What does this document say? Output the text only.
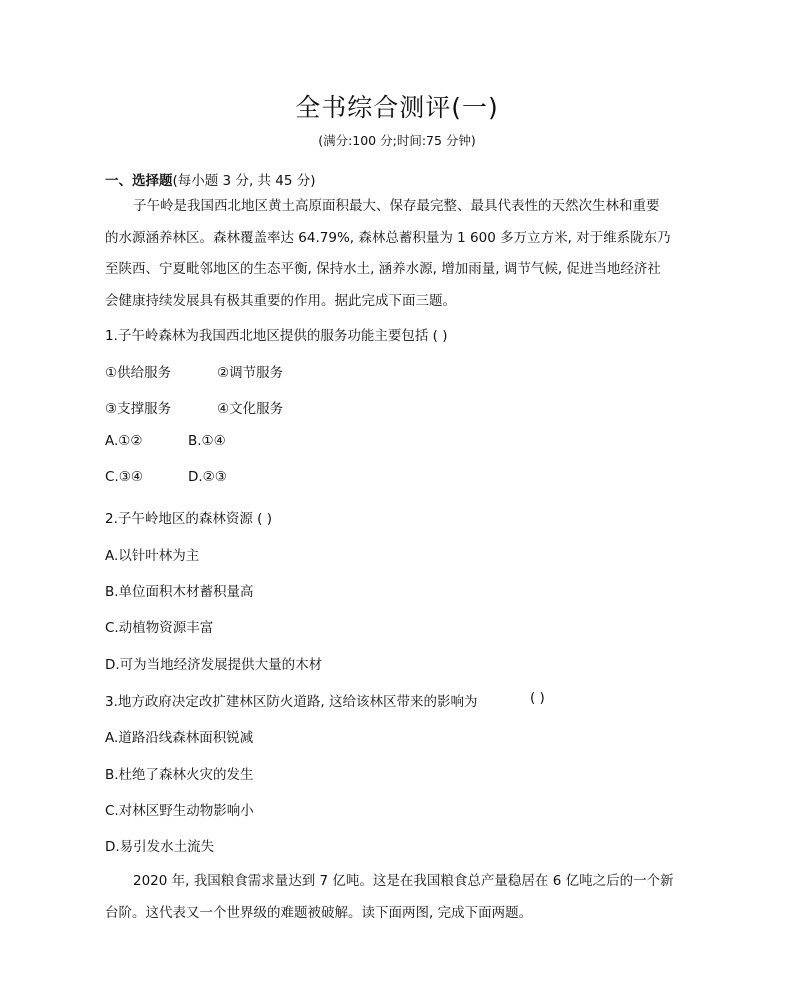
全书综合测评(一)
(满分:100 分;时间:75 分钟)
一、选择题(每小题 3 分, 共 45 分)
子午岭是我国西北地区黄土高原面积最大、保存最完整、最具代表性的天然次生林和重要
的水源涵养林区。森林覆盖率达 64.79%, 森林总蓄积量为 1 600 多万立方米, 对于维系陇东乃
至陕西、宁夏毗邻地区的生态平衡, 保持水土, 涵养水源, 增加雨量, 调节气候, 促进当地经济社
会健康持续发展具有极其重要的作用。据此完成下面三题。
1.子午岭森林为我国西北地区提供的服务功能主要包括 ( )
①供给服务	②调节服务
③支撑服务	④文化服务
A.①②	B.①④
C.③④	D.②③
2.子午岭地区的森林资源 ( )
A.以针叶林为主
B.单位面积木材蓄积量高
C.动植物资源丰富
D.可为当地经济发展提供大量的木材
3.地方政府决定改扩建林区防火道路, 这给该林区带来的影响为	( )
A.道路沿线森林面积锐减
B.杜绝了森林火灾的发生
C.对林区野生动物影响小
D.易引发水土流失
2020 年, 我国粮食需求量达到 7 亿吨。这是在我国粮食总产量稳居在 6 亿吨之后的一个新
台阶。这代表又一个世界级的难题被破解。读下面两图, 完成下面两题。
